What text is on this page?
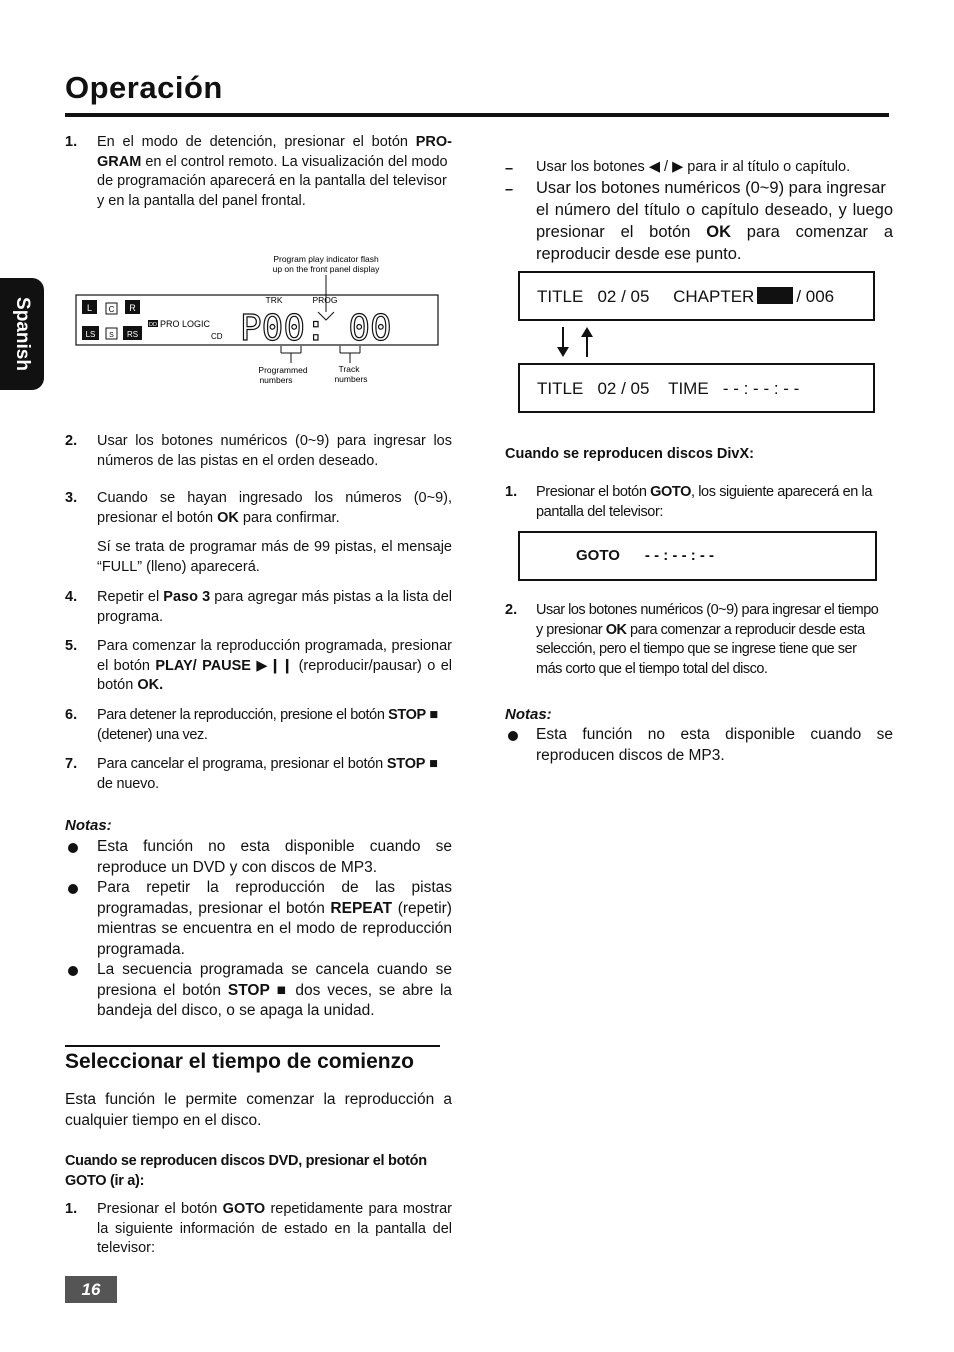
Operación
Spanish
1. En el modo de detención, presionar el botón PRO-
GRAM en el control remoto. La visualización del modo
de programación aparecerá en la pantalla del televisor
y en la pantalla del panel frontal.
Program play indicator flash
up on the front panel display
TRK	PROG
L C R
LS S RS
DD PRO LOGIC
CD P00: 00
Programmed
numbers
Track
numbers
2. Usar los botones numéricos (0~9) para ingresar los
números de las pistas en el orden deseado.
3. Cuando se hayan ingresado los números (0~9),
presionar el botón OK para confirmar.
Sí se trata de programar más de 99 pistas, el mensaje
“FULL” (lleno) aparecerá.
4. Repetir el Paso 3 para agregar más pistas a la lista del
programa.
5. Para comenzar la reproducción programada, presionar
el botón PLAY/ PAUSE ▶❙❙ (reproducir/pausar) o el
botón OK.
6. Para detener la reproducción, presione el botón STOP ■
(detener) una vez.
7. Para cancelar el programa, presionar el botón STOP ■
de nuevo.
Notas:
Esta función no esta disponible cuando se
reproduce un DVD y con discos de MP3.
Para repetir la reproducción de las pistas
programadas, presionar el botón REPEAT (repetir)
mientras se encuentra en el modo de reproducción
programada.
La secuencia programada se cancela cuando se
presiona el botón STOP ■ dos veces, se abre la
bandeja del disco, o se apaga la unidad.
Seleccionar el tiempo de comienzo
Esta función le permite comenzar la reproducción a
cualquier tiempo en el disco.
Cuando se reproducen discos DVD, presionar el botón
GOTO (ir a):
1. Presionar el botón GOTO repetidamente para mostrar
la siguiente información de estado en la pantalla del
televisor:
16
– Usar los botones ◀ / ▶ para ir al título o capítulo.
– Usar los botones numéricos (0~9) para ingresar
el número del título o capítulo deseado, y luego
presionar el botón OK para comenzar a
reproducir desde ese punto.
TITLE 02 / 05 CHAPTER / 006
TITLE 02 / 05 TIME - - : - - : - -
Cuando se reproducen discos DivX:
1. Presionar el botón GOTO, los siguiente aparecerá en la
pantalla del televisor:
GOTO - - : - - : - -
2. Usar los botones numéricos (0~9) para ingresar el tiempo
y presionar OK para comenzar a reproducir desde esta
selección, pero el tiempo que se ingrese tiene que ser
más corto que el tiempo total del disco.
Notas:
Esta función no esta disponible cuando se
reproducen discos de MP3.
